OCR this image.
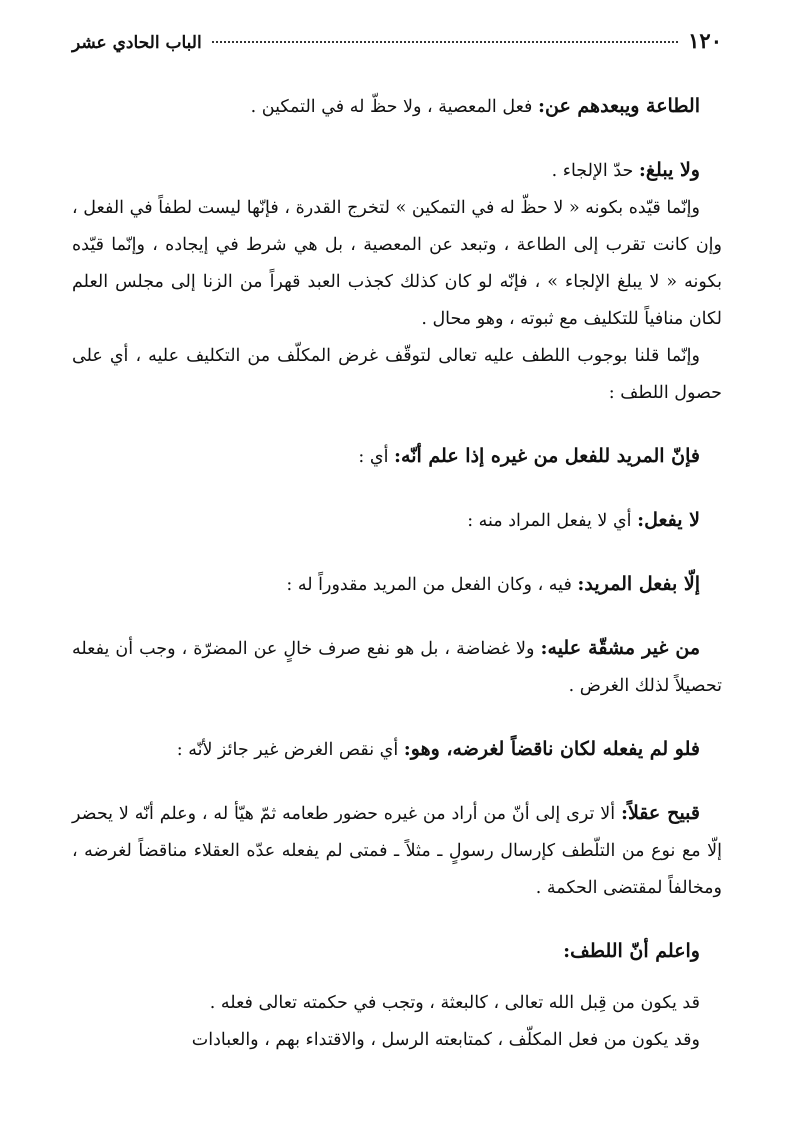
١٢٠
الباب الحادي عشر

الطاعة ويبعدهم عن: فعل المعصية ، ولا حظّ له في التمكين .

ولا يبلغ: حدّ الإلجاء .

وإنّما قيّده بكونه « لا حظّ له في التمكين » لتخرج القدرة ، فإنّها ليست لطفاً في الفعل ، وإن كانت تقرب إلى الطاعة ، وتبعد عن المعصية ، بل هي شرط في إيجاده ، وإنّما قيّده بكونه « لا يبلغ الإلجاء » ، فإنّه لو كان كذلك كجذب العبد قهراً من الزنا إلى مجلس العلم لكان منافياً للتكليف مع ثبوته ، وهو محال .

وإنّما قلنا بوجوب اللطف عليه تعالى لتوقّف غرض المكلّف من التكليف عليه ، أي على حصول اللطف :

فإنّ المريد للفعل من غيره إذا علم أنّه: أي :

لا يفعل: أي لا يفعل المراد منه :

إلّا بفعل المريد: فيه ، وكان الفعل من المريد مقدوراً له :

من غير مشقّة عليه: ولا غضاضة ، بل هو نفع صرف خالٍ عن المضرّة ، وجب أن يفعله تحصيلاً لذلك الغرض .

فلو لم يفعله لكان ناقضاً لغرضه، وهو: أي نقص الغرض غير جائز لأنّه :

قبيح عقلاً: ألا ترى إلى أنّ من أراد من غيره حضور طعامه ثمّ هيّأ له ، وعلم أنّه لا يحضر إلّا مع نوع من التلّطف كإرسال رسولٍ ـ مثلاً ـ فمتى لم يفعله عدّه العقلاء مناقضاً لغرضه ، ومخالفاً لمقتضى الحكمة .

واعلم أنّ اللطف:

قد يكون من قِبل الله تعالى ، كالبعثة ، وتجب في حكمته تعالى فعله .

وقد يكون من فعل المكلّف ، كمتابعته الرسل ، والاقتداء بهم ، والعبادات
